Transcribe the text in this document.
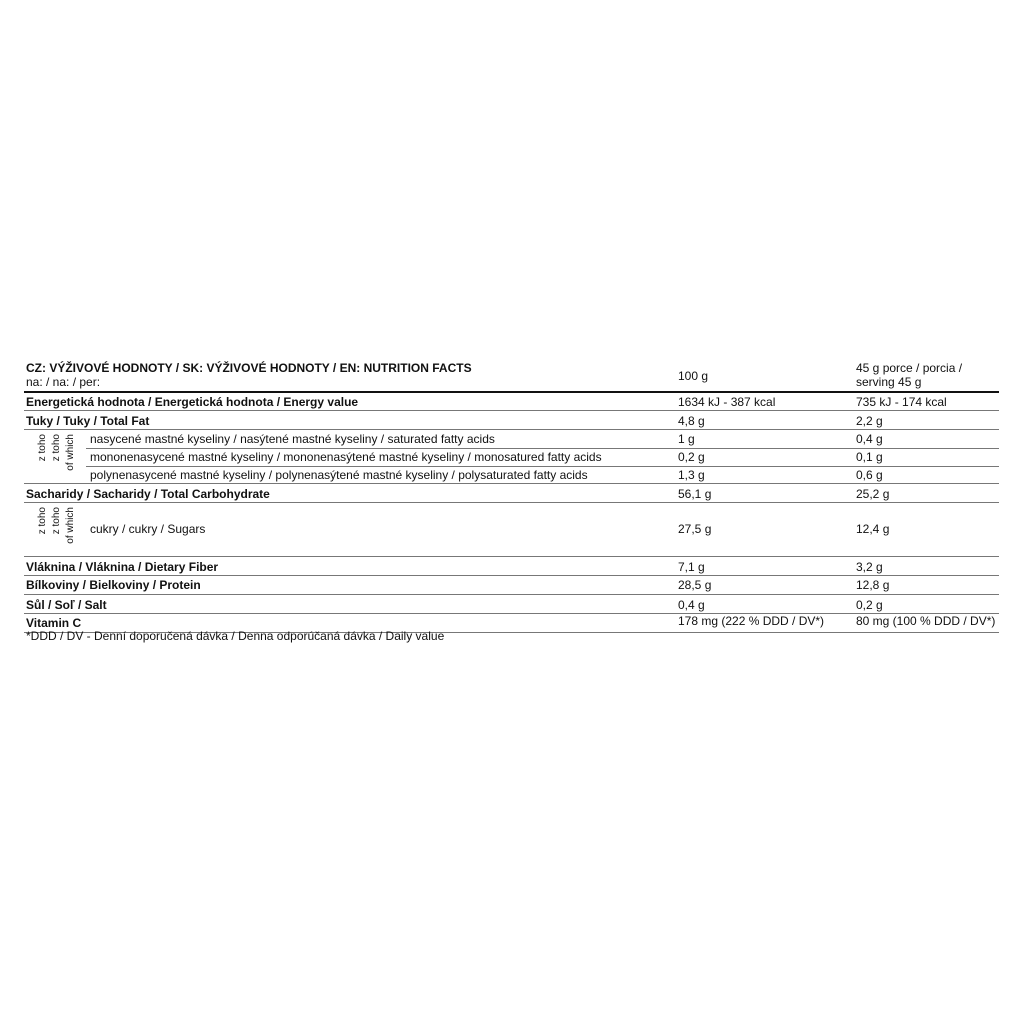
CZ: VÝŽIVOVÉ HODNOTY / SK: VÝŽIVOVÉ HODNOTY / EN: NUTRITION FACTS
na: / na: / per:	100 g
45 g porce / porcia /
serving 45 g
Energetická hodnota / Energetická hodnota / Energy value	1634 kJ - 387 kcal	735 kJ - 174 kcal
Tuky / Tuky / Total Fat	4,8 g	2,2 g
z toho z toho of which nasycené mastné kyseliny / nasýtené mastné kyseliny / saturated fatty acids	1 g	0,4 g
mononenasycené mastné kyseliny / mononenasýtené mastné kyseliny / monosatured fatty acids	0,2 g	0,1 g
polynenasycené mastné kyseliny / polynenasýtené mastné kyseliny / polysaturated fatty acids	1,3 g	0,6 g
Sacharidy / Sacharidy / Total Carbohydrate	56,1 g	25,2 g
z toho z toho of which cukry / cukry / Sugars	27,5 g	12,4 g
Vláknina / Vláknina / Dietary Fiber	7,1 g	3,2 g
Bílkoviny / Bielkoviny / Protein	28,5 g	12,8 g
Sůl / Soľ / Salt	0,4 g	0,2 g
Vitamin C	178 mg (222 % DDD / DV*)	80 mg (100 % DDD / DV*)
*DDD / DV - Denní doporučená dávka / Denna odporúčaná dávka / Daily value
